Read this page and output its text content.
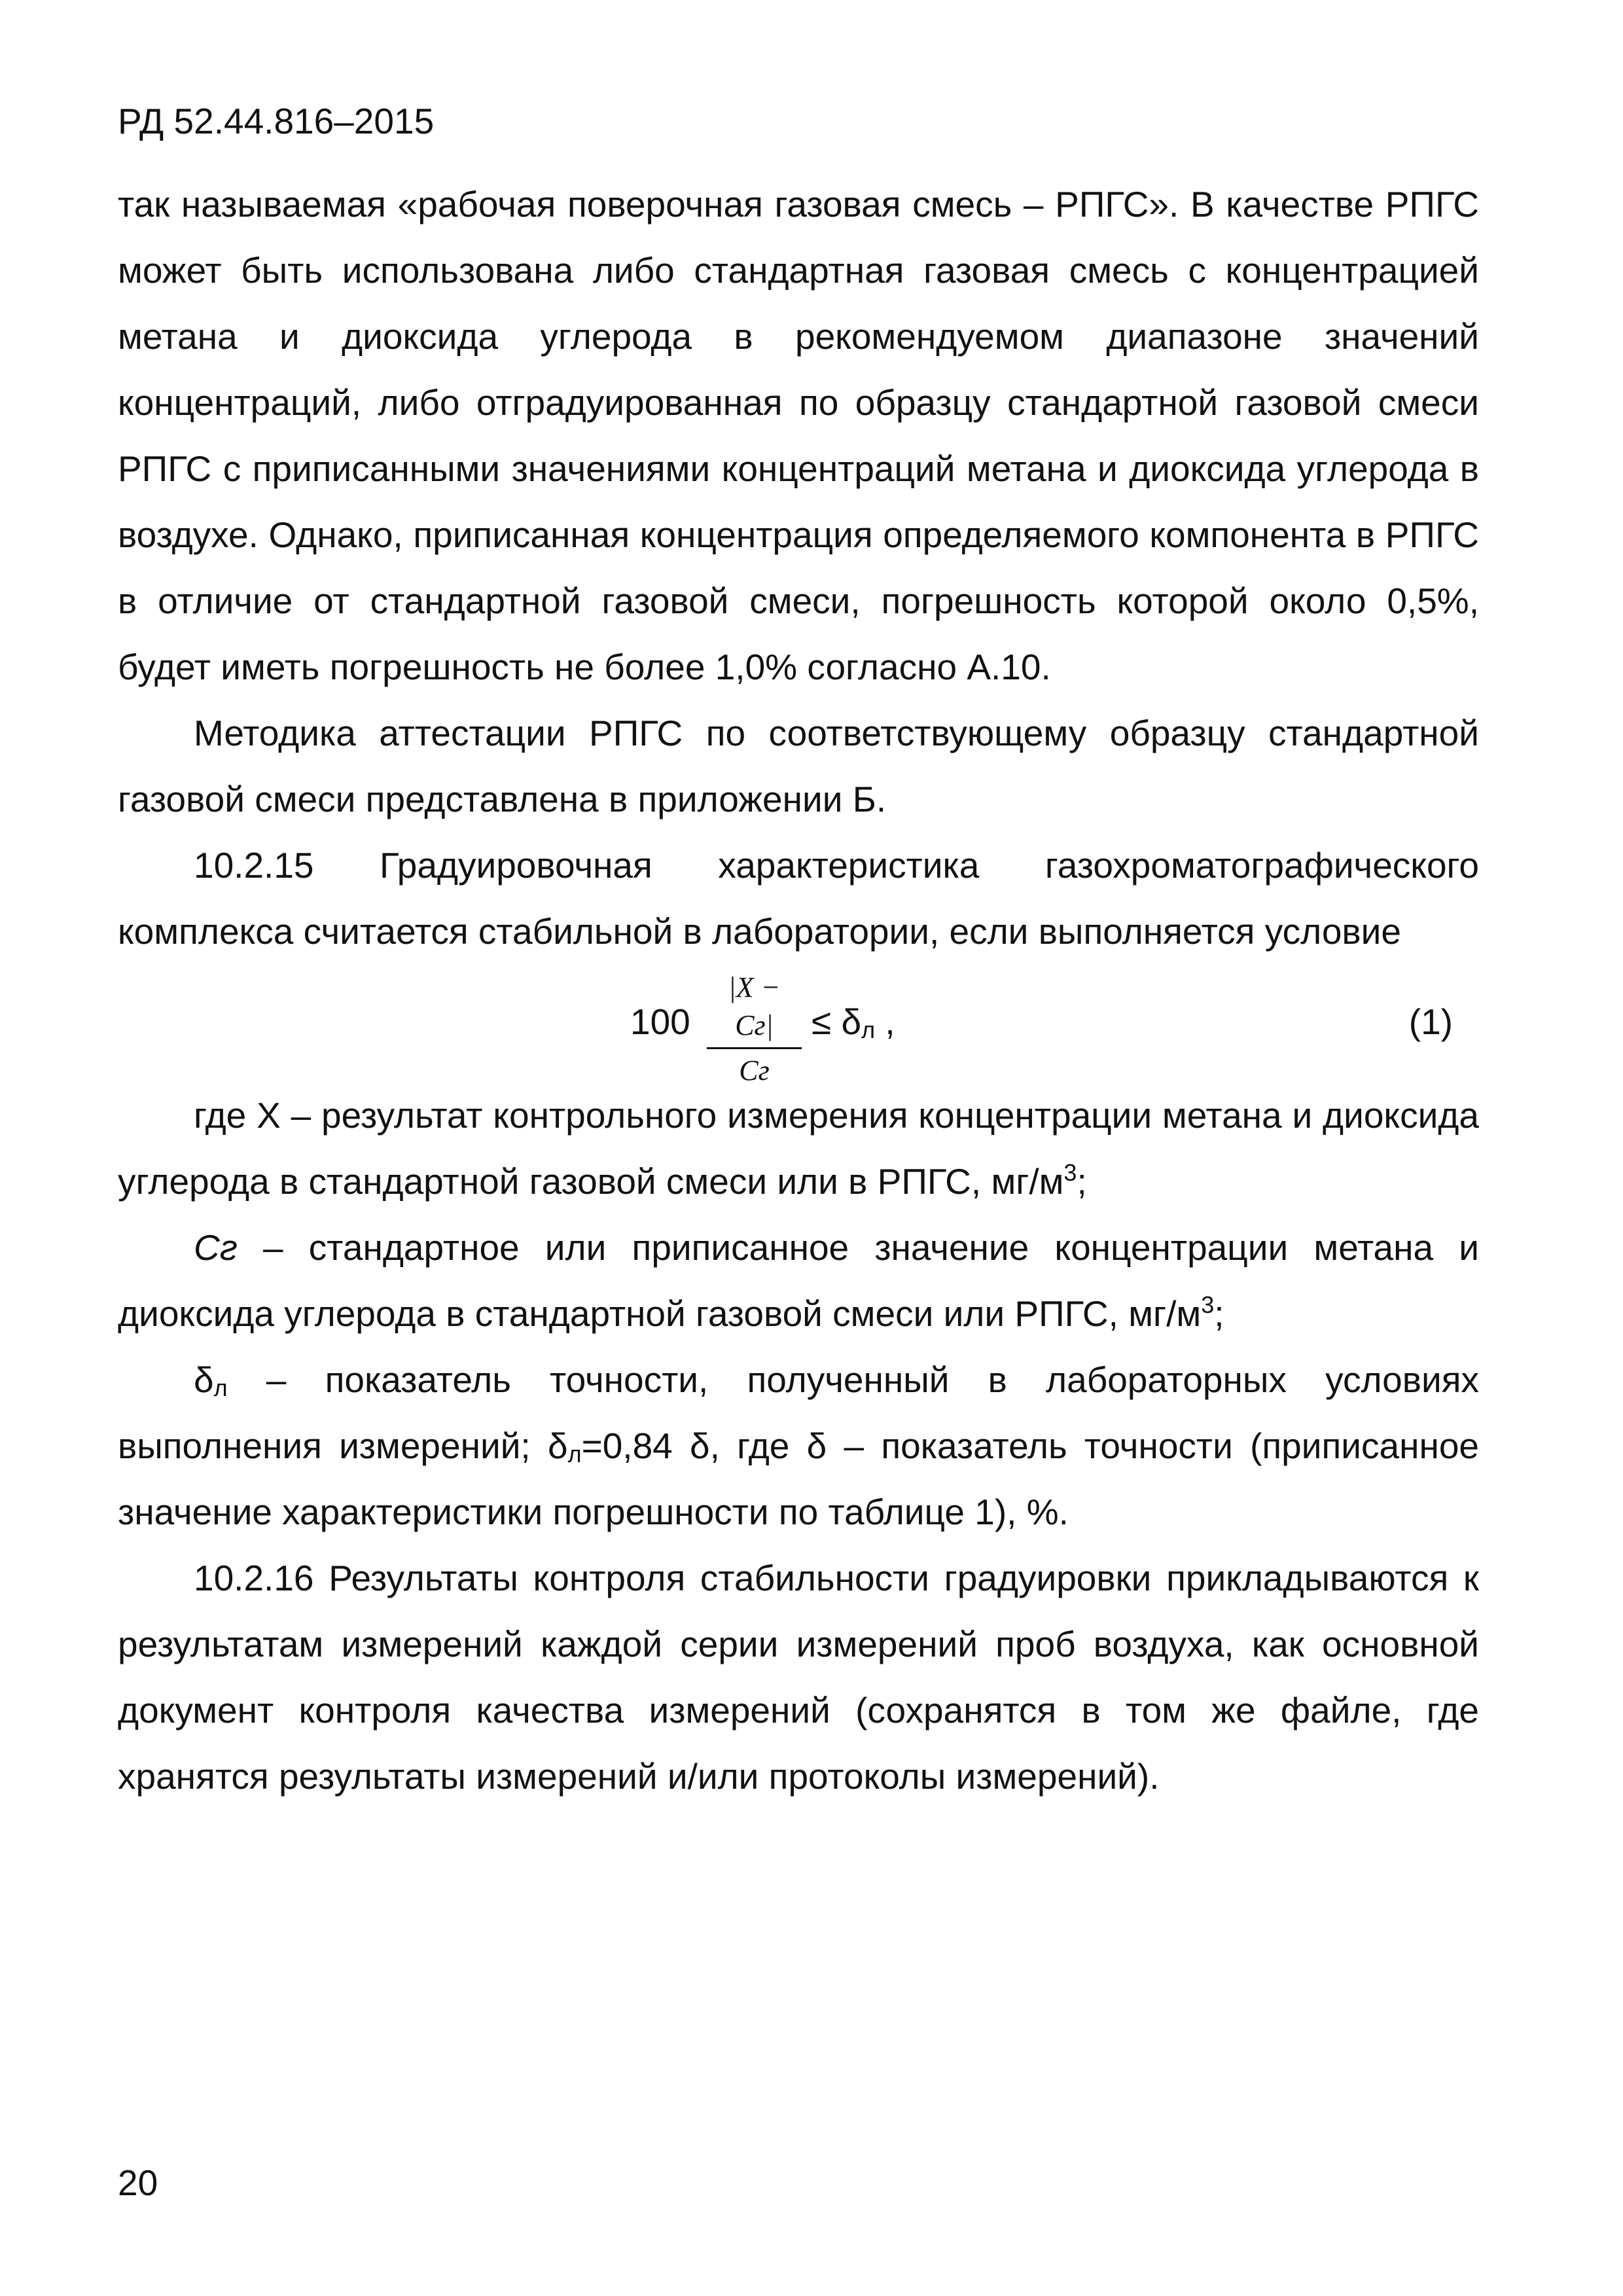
РД 52.44.816–2015

так называемая «рабочая поверочная газовая смесь – РПГС». В качестве РПГС может быть использована либо стандартная газовая смесь с концентрацией метана и диоксида углерода в рекомендуемом диапазоне значений концентраций, либо отградуированная по образцу стандартной газовой смеси РПГС с приписанными значениями концентраций метана и диоксида углерода в воздухе. Однако, приписанная концентрация определяемого компонента в РПГС в отличие от стандартной газовой смеси, погрешность которой около 0,5%, будет иметь погрешность не более 1,0% согласно А.10.

Методика аттестации РПГС по соответствующему образцу стандартной газовой смеси представлена в приложении Б.

10.2.15 Градуировочная характеристика газохроматографического комплекса считается стабильной в лаборатории, если выполняется условие

100
|X − Cг|
Cг
≤ $\delta_л$ ,	(1)

где X – результат контрольного измерения концентрации метана и диоксида углерода в стандартной газовой смеси или в РПГС, $мг/м^3$;

Cг – стандартное или приписанное значение концентрации метана и диоксида углерода в стандартной газовой смеси или РПГС, $мг/м^3$;

$\delta_л$ – показатель точности, полученный в лабораторных условиях выполнения измерений; $\delta_л=0,84$ δ, где δ – показатель точности (приписанное значение характеристики погрешности по таблице 1), %.

10.2.16 Результаты контроля стабильности градуировки прикладываются к результатам измерений каждой серии измерений проб воздуха, как основной документ контроля качества измерений (сохранятся в том же файле, где хранятся результаты измерений и/или протоколы измерений).

20
